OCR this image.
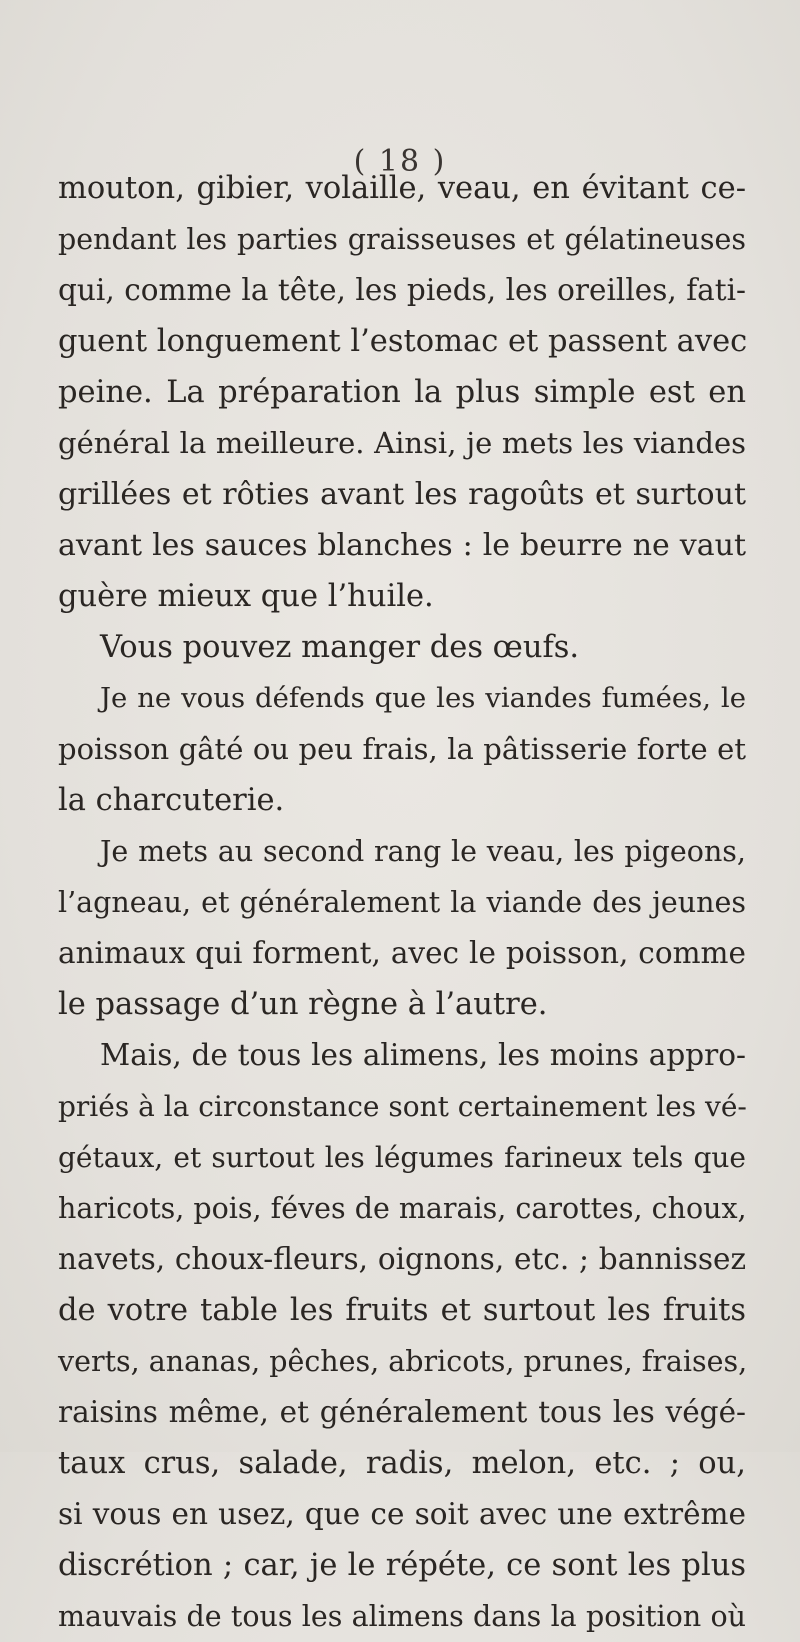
( 18 )
mouton, gibier, volaille, veau, en évitant ce-
pendant les parties graisseuses et gélatineuses
qui, comme la tête, les pieds, les oreilles, fati-
guent longuement l’estomac et passent avec
peine. La préparation la plus simple est en
général la meilleure. Ainsi, je mets les viandes
grillées et rôties avant les ragoûts et surtout
avant les sauces blanches : le beurre ne vaut
guère mieux que l’huile.
Vous pouvez manger des œufs.
Je ne vous défends que les viandes fumées, le
poisson gâté ou peu frais, la pâtisserie forte et
la charcuterie.
Je mets au second rang le veau, les pigeons,
l’agneau, et généralement la viande des jeunes
animaux qui forment, avec le poisson, comme
le passage d’un règne à l’autre.
Mais, de tous les alimens, les moins appro-
priés à la circonstance sont certainement les vé-
gétaux, et surtout les légumes farineux tels que
haricots, pois, féves de marais, carottes, choux,
navets, choux-fleurs, oignons, etc. ; bannissez
de votre table les fruits et surtout les fruits
verts, ananas, pêches, abricots, prunes, fraises,
raisins même, et généralement tous les végé-
taux crus, salade, radis, melon, etc. ; ou,
si vous en usez, que ce soit avec une extrême
discrétion ; car, je le répéte, ce sont les plus
mauvais de tous les alimens dans la position où
